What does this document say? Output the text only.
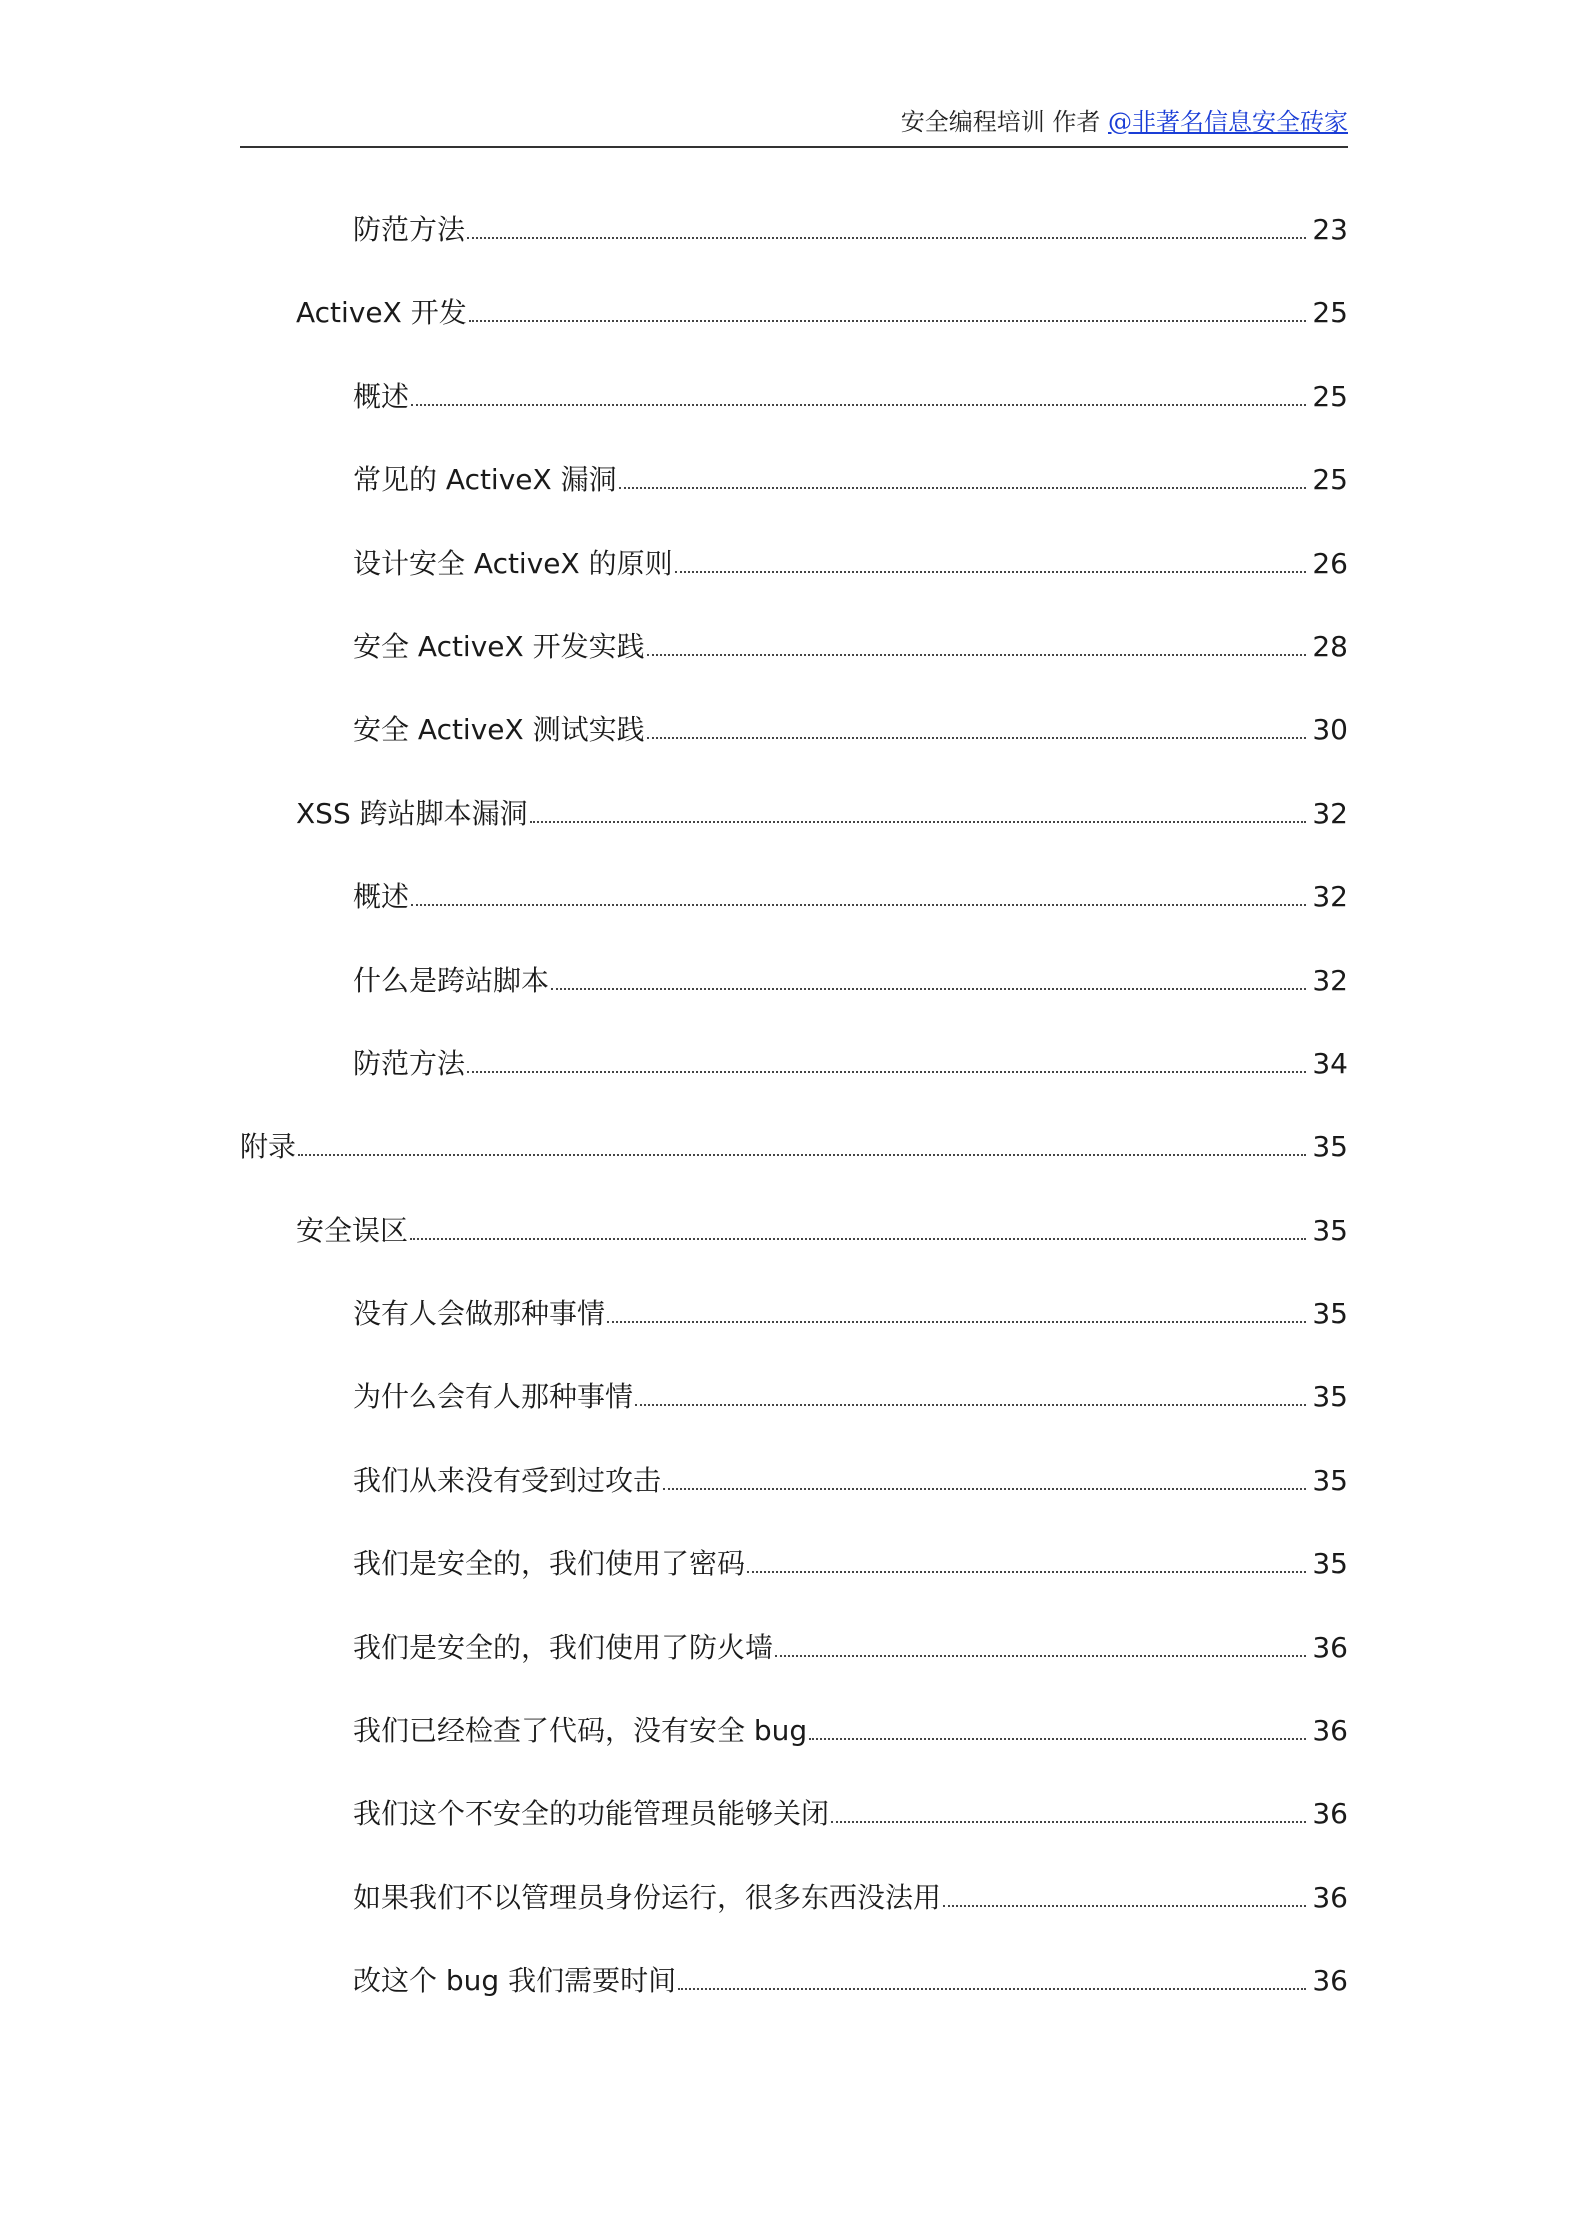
安全编程培训 作者 @非著名信息安全砖家
防范方法	23
ActiveX 开发	25
概述	25
常见的 ActiveX 漏洞	25
设计安全 ActiveX 的原则	26
安全 ActiveX 开发实践	28
安全 ActiveX 测试实践	30
XSS 跨站脚本漏洞	32
概述	32
什么是跨站脚本	32
防范方法	34
附录	35
安全误区	35
没有人会做那种事情	35
为什么会有人那种事情	35
我们从来没有受到过攻击	35
我们是安全的，我们使用了密码	35
我们是安全的，我们使用了防火墙	36
我们已经检查了代码，没有安全 bug	36
我们这个不安全的功能管理员能够关闭	36
如果我们不以管理员身份运行，很多东西没法用	36
改这个 bug 我们需要时间	36
